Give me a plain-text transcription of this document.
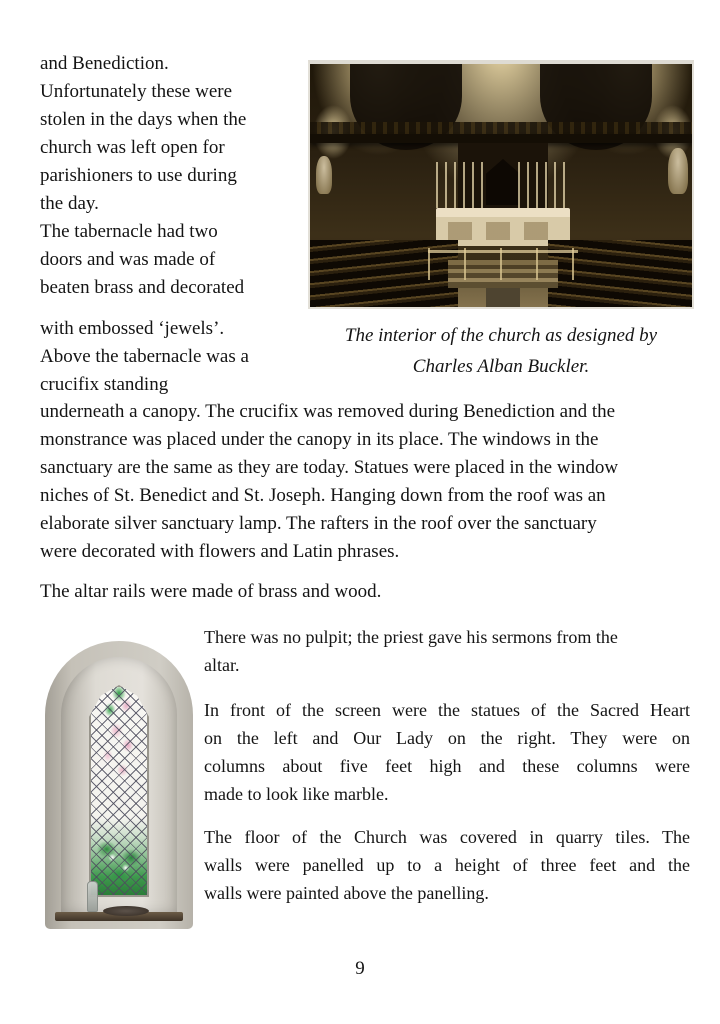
and Benediction.
Unfortunately these were
stolen in the days when the
church was left open for
parishioners to use during
the day.
The tabernacle had two
doors and was made of
beaten brass and decorated
The interior of the church as designed by
Charles Alban Buckler.
with embossed ‘jewels’.
Above the tabernacle was a
crucifix standing
underneath a canopy. The crucifix was removed during Benediction and the
monstrance was placed under the canopy in its place. The windows in the
sanctuary are the same as they are today. Statues were placed in the window
niches of St. Benedict and St. Joseph. Hanging down from the roof was an
elaborate silver sanctuary lamp. The rafters in the roof over the sanctuary
were decorated with flowers and Latin phrases.
The altar rails were made of brass and wood.
There was no pulpit; the priest gave his sermons from the
altar.
In front of the screen were the statues of the Sacred Heart
on the left and Our Lady on the right. They were on
columns about five feet high and these columns were
made to look like marble.
The floor of the Church was covered in quarry tiles. The
walls were panelled up to a height of three feet and the
walls were painted above the panelling.
9
